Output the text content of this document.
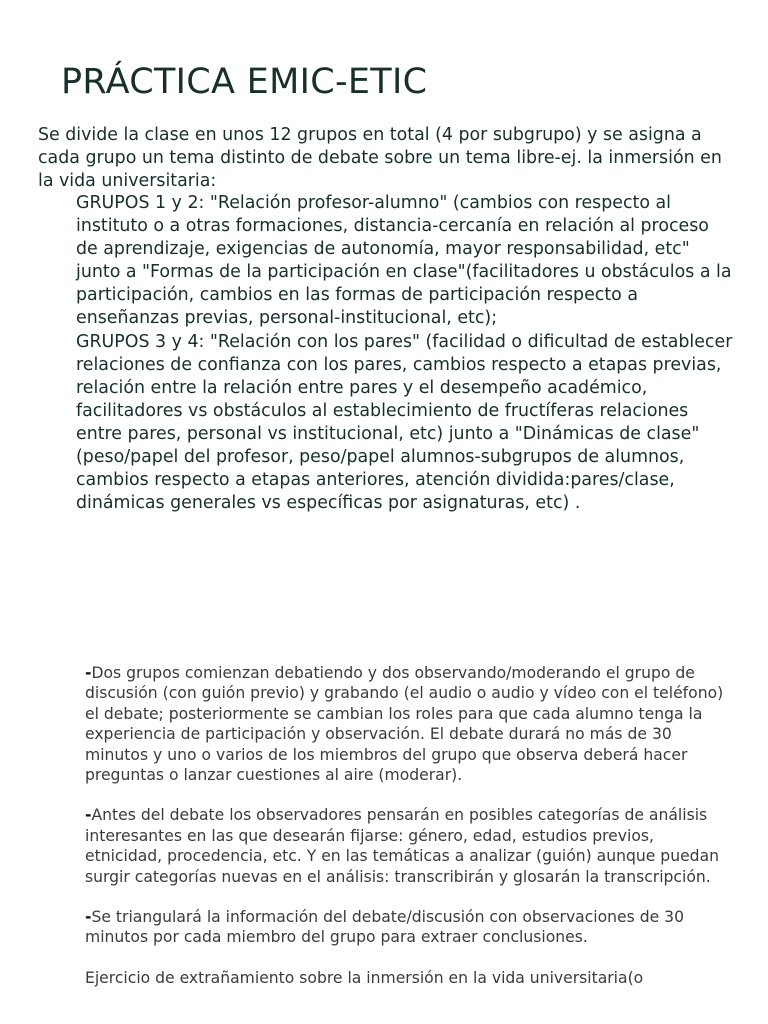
PRÁCTICA EMIC-ETIC

Se divide la clase en unos 12 grupos en total (4 por subgrupo) y se asigna a cada grupo un tema distinto de debate sobre un tema libre-ej. la inmersión en la vida universitaria:

GRUPOS 1 y 2: "Relación profesor-alumno" (cambios con respecto al instituto o a otras formaciones, distancia-cercanía en relación al proceso de aprendizaje, exigencias de autonomía, mayor responsabilidad, etc" junto a "Formas de la participación en clase"(facilitadores u obstáculos a la participación, cambios en las formas de participación respecto a enseñanzas previas, personal-institucional, etc);

GRUPOS 3 y 4: "Relación con los pares" (facilidad o dificultad de establecer relaciones de confianza con los pares, cambios respecto a etapas previas, relación entre la relación entre pares y el desempeño académico, facilitadores vs obstáculos al establecimiento de fructíferas relaciones entre pares, personal vs institucional, etc) junto a "Dinámicas de clase" (peso/papel del profesor, peso/papel alumnos-subgrupos de alumnos, cambios respecto a etapas anteriores, atención dividida:pares/clase, dinámicas generales vs específicas por asignaturas, etc) .

-Dos grupos comienzan debatiendo y dos observando/moderando el grupo de discusión (con guión previo) y grabando (el audio o audio y vídeo con el teléfono) el debate; posteriormente se cambian los roles para que cada alumno tenga la experiencia de participación y observación. El debate durará no más de 30 minutos y uno o varios de los miembros del grupo que observa deberá hacer preguntas o lanzar cuestiones al aire (moderar).

-Antes del debate los observadores pensarán en posibles categorías de análisis interesantes en las que desearán fijarse: género, edad, estudios previos, etnicidad, procedencia, etc. Y en las temáticas a analizar (guión) aunque puedan surgir categorías nuevas en el análisis: transcribirán y glosarán la transcripción.

-Se triangulará la información del debate/discusión con observaciones de 30 minutos por cada miembro del grupo para extraer conclusiones.

Ejercicio de extrañamiento sobre la inmersión en la vida universitaria(o
